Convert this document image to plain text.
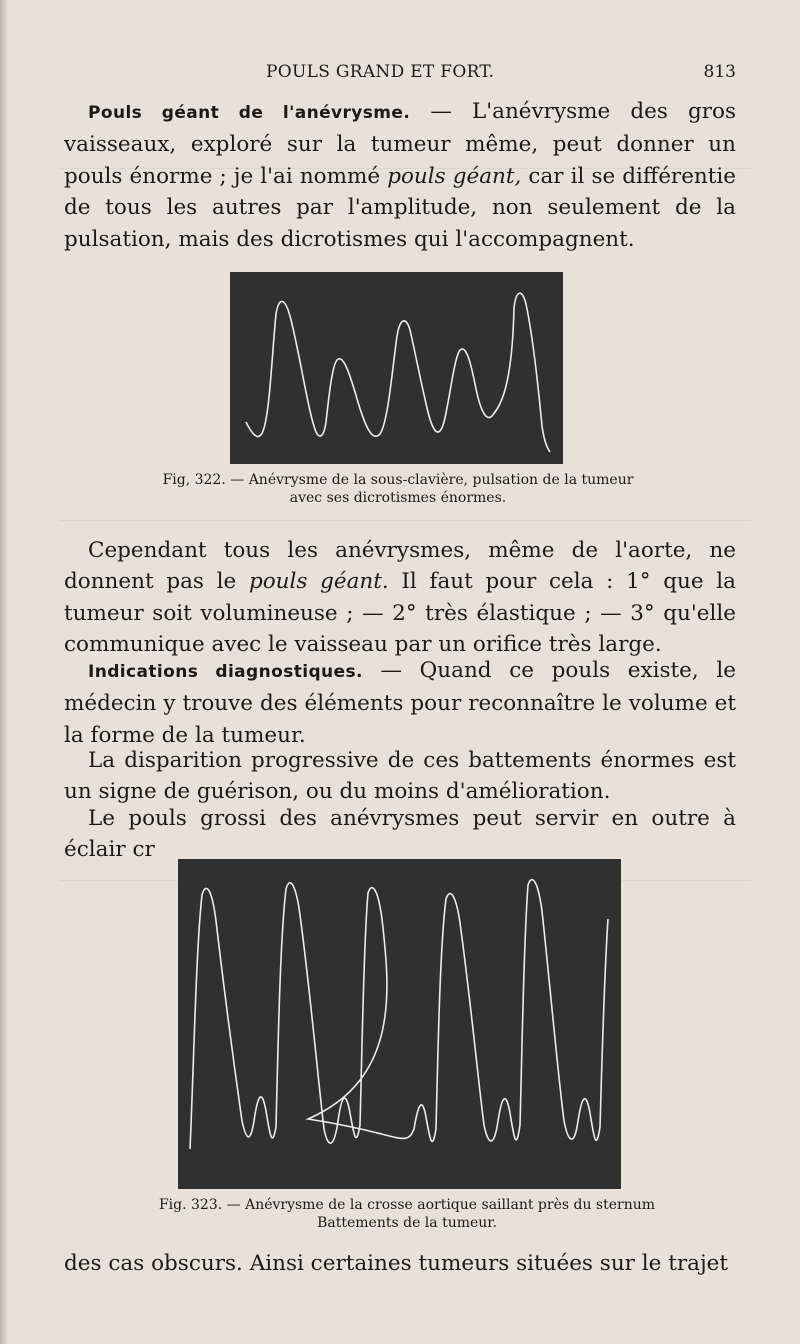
POULS GRAND ET FORT.	813

Pouls géant de l'anévrysme. — L'anévrysme des gros vaisseaux, exploré sur la tumeur même, peut donner un pouls énorme ; je l'ai nommé pouls géant, car il se différentie de tous les autres par l'amplitude, non seulement de la pulsation, mais des dicrotismes qui l'accompagnent.

Fig, 322. — Anévrysme de la sous-clavière, pulsation de la tumeur
avec ses dicrotismes énormes.

Cependant tous les anévrysmes, même de l'aorte, ne donnent pas le pouls géant. Il faut pour cela : 1° que la tumeur soit volumineuse ; — 2° très élastique ; — 3° qu'elle communique avec le vaisseau par un orifice très large.

Indications diagnostiques. — Quand ce pouls existe, le médecin y trouve des éléments pour reconnaître le volume et la forme de la tumeur.

La disparition progressive de ces battements énormes est un signe de guérison, ou du moins d'amélioration.

Le pouls grossi des anévrysmes peut servir en outre à éclair cr

Fig. 323. — Anévrysme de la crosse aortique saillant près du sternum
Battements de la tumeur.

des cas obscurs. Ainsi certaines tumeurs situées sur le trajet
